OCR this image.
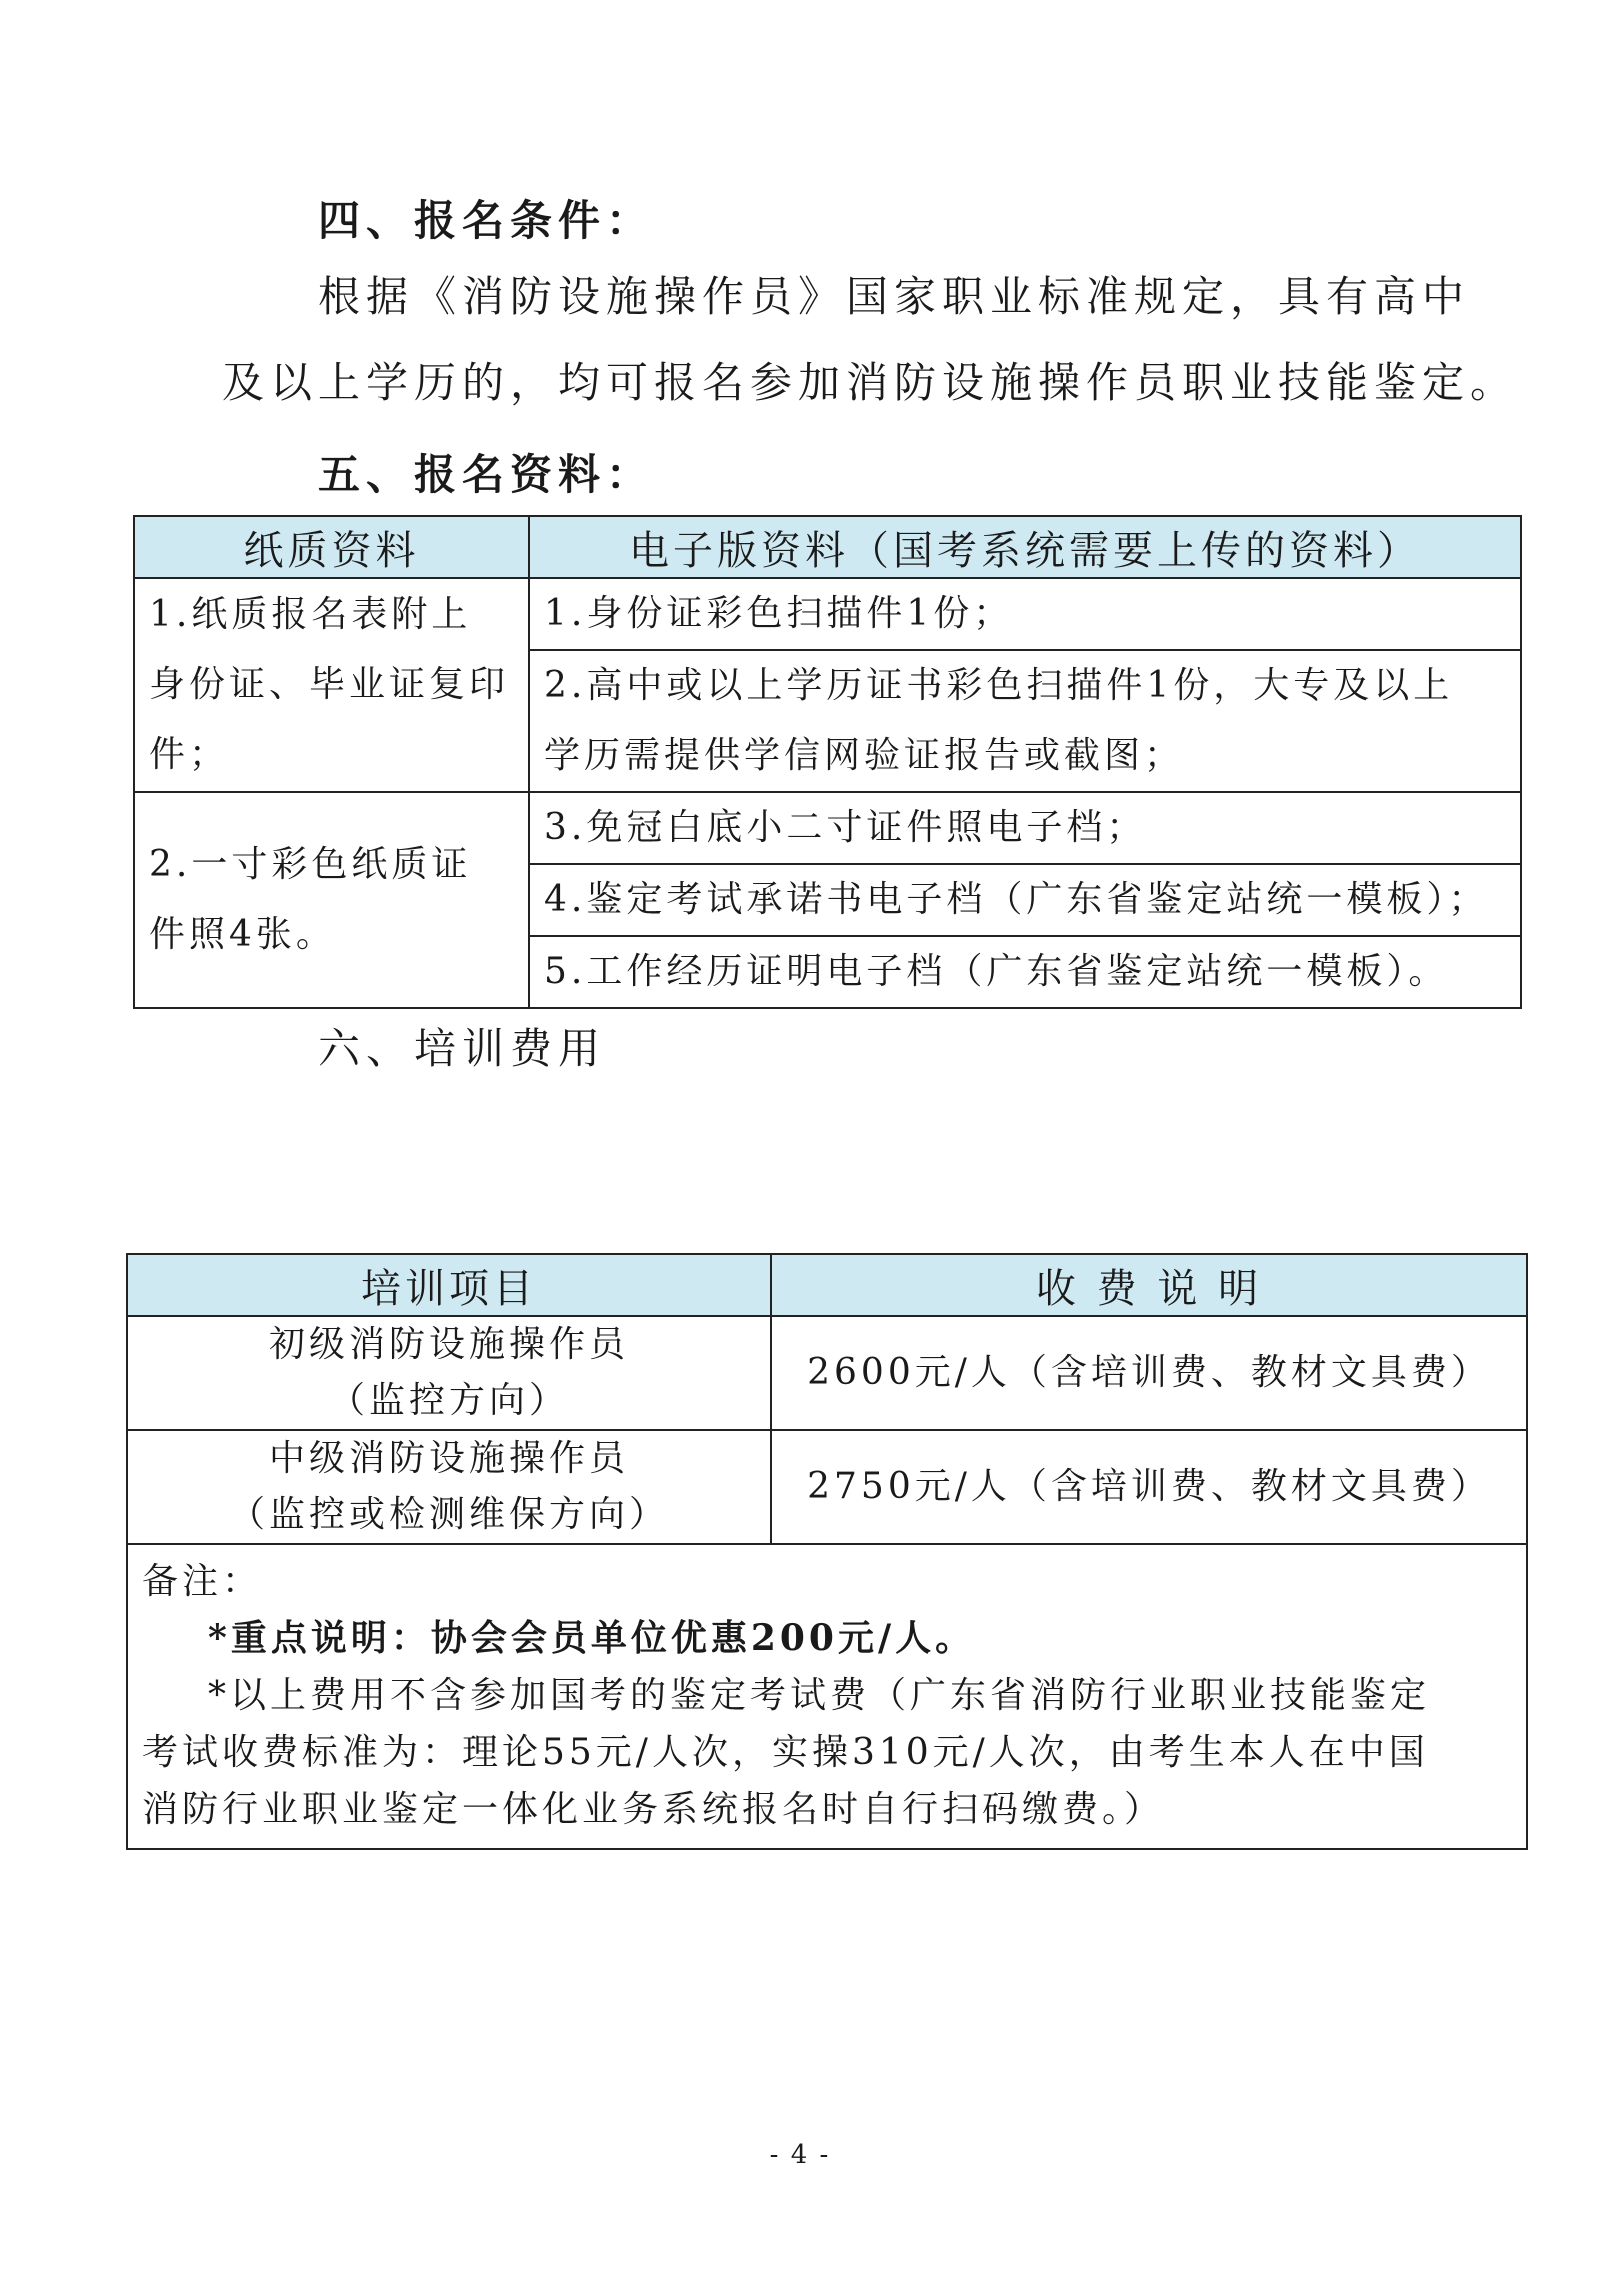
四、报名条件：
根据《消防设施操作员》国家职业标准规定，具有高中
及以上学历的，均可报名参加消防设施操作员职业技能鉴定。
五、报名资料：
纸质资料	电子版资料（国考系统需要上传的资料）

1.纸质报名表附上
身份证、毕业证复印
件；	1.身份证彩色扫描件1份；

	2.高中或以上学历证书彩色扫描件1份，大专及以上
学历需提供学信网验证报告或截图；

2.一寸彩色纸质证
件照4张。	3.免冠白底小二寸证件照电子档；

	4.鉴定考试承诺书电子档（广东省鉴定站统一模板）；

	5.工作经历证明电子档（广东省鉴定站统一模板）。
六、培训费用
培训项目	收 费 说 明

初级消防设施操作员
（监控方向）	2600元/人（含培训费、教材文具费）

中级消防设施操作员
（监控或检测维保方向）	2750元/人（含培训费、教材文具费）

备注：
*重点说明：协会会员单位优惠200元/人。
*以上费用不含参加国考的鉴定考试费（广东省消防行业职业技能鉴定
考试收费标准为：理论55元/人次，实操310元/人次，由考生本人在中国
消防行业职业鉴定一体化业务系统报名时自行扫码缴费。）	
- 4 -
